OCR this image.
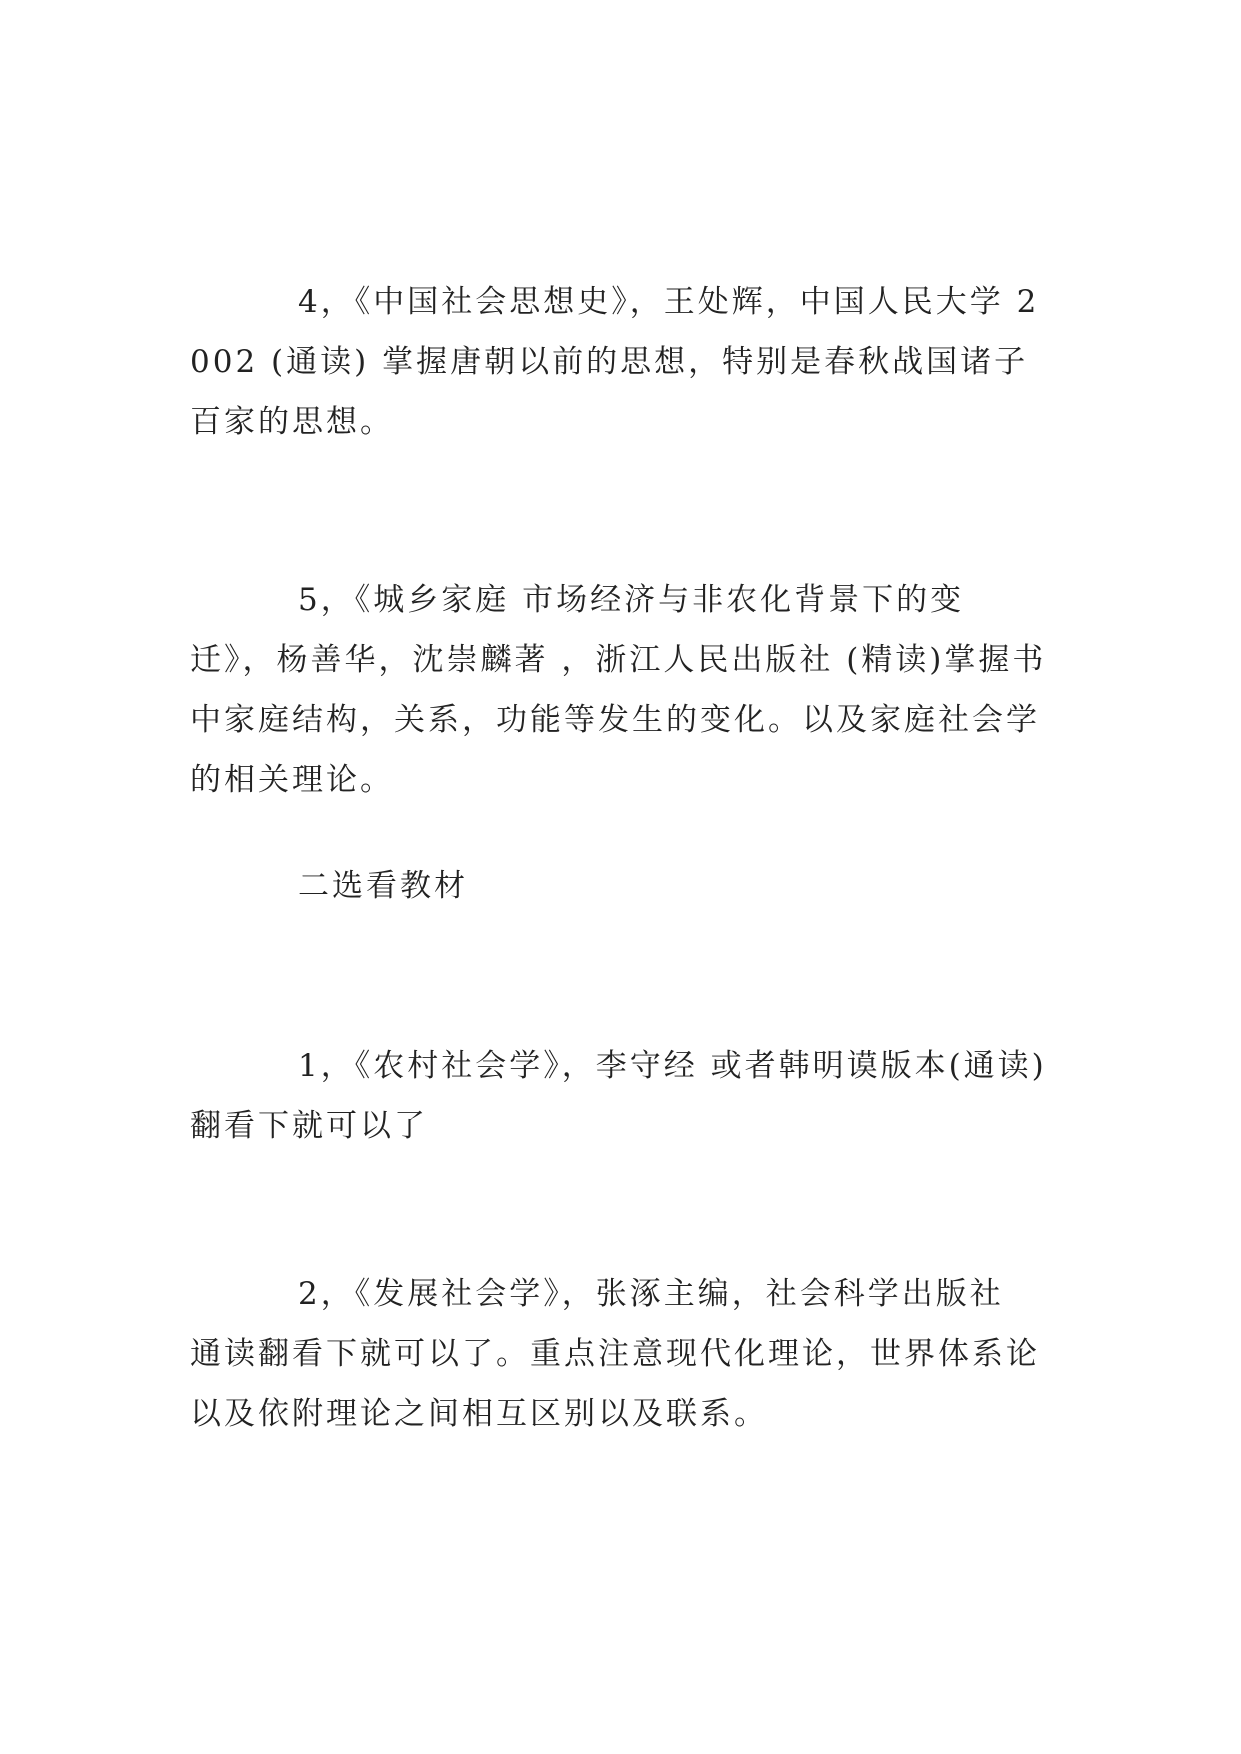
4，《中国社会思想史》，王处辉，中国人民大学 2002 (通读) 掌握唐朝以前的思想，特别是春秋战国诸子百家的思想。

5，《城乡家庭 市场经济与非农化背景下的变迁》，杨善华，沈崇麟著 ，浙江人民出版社 (精读)掌握书中家庭结构，关系，功能等发生的变化。以及家庭社会学的相关理论。

二选看教材

1，《农村社会学》，李守经 或者韩明谟版本(通读)翻看下就可以了

2，《发展社会学》，张涿主编，社会科学出版社 通读翻看下就可以了。重点注意现代化理论，世界体系论以及依附理论之间相互区别以及联系。
